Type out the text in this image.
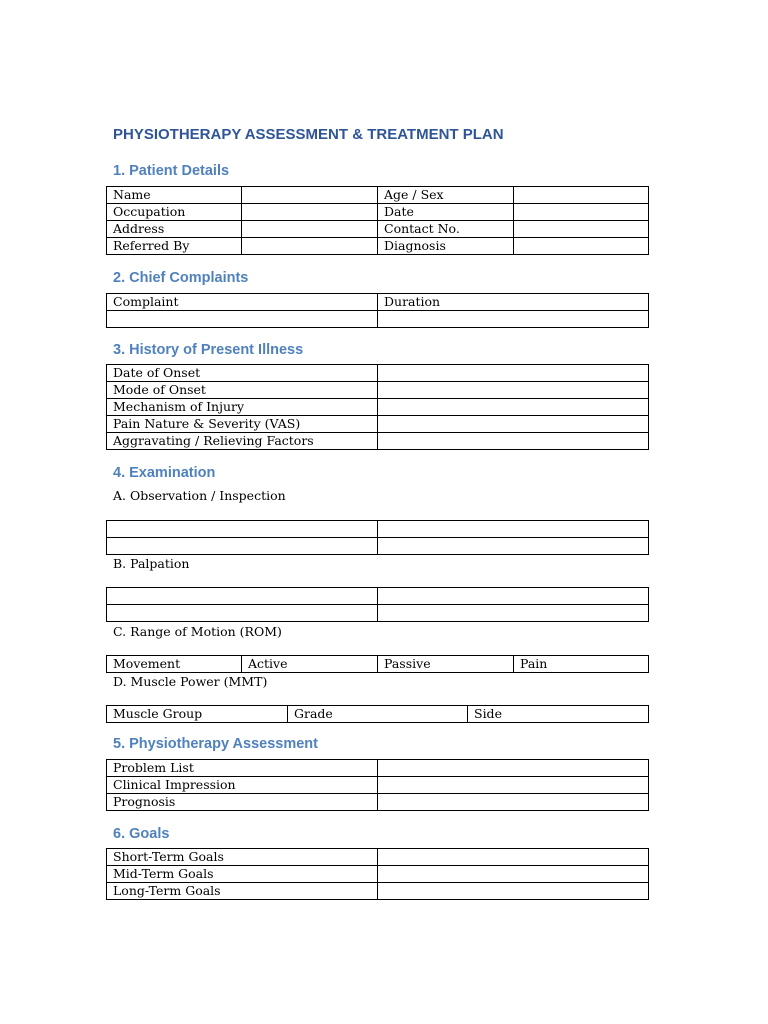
PHYSIOTHERAPY ASSESSMENT & TREATMENT PLAN
1. Patient Details
Name		Age / Sex	
Occupation		Date	
Address		Contact No.	
Referred By		Diagnosis	
2. Chief Complaints
Complaint	Duration

3. History of Present Illness
Date of Onset	
Mode of Onset	
Mechanism of Injury	
Pain Nature & Severity (VAS)	
Aggravating / Relieving Factors	
4. Examination
A. Observation / Inspection

B. Palpation

C. Range of Motion (ROM)
Movement	Active	Passive	Pain
D. Muscle Power (MMT)
Muscle Group	Grade	Side
5. Physiotherapy Assessment
Problem List	
Clinical Impression	
Prognosis	
6. Goals
Short-Term Goals	
Mid-Term Goals	
Long-Term Goals	
